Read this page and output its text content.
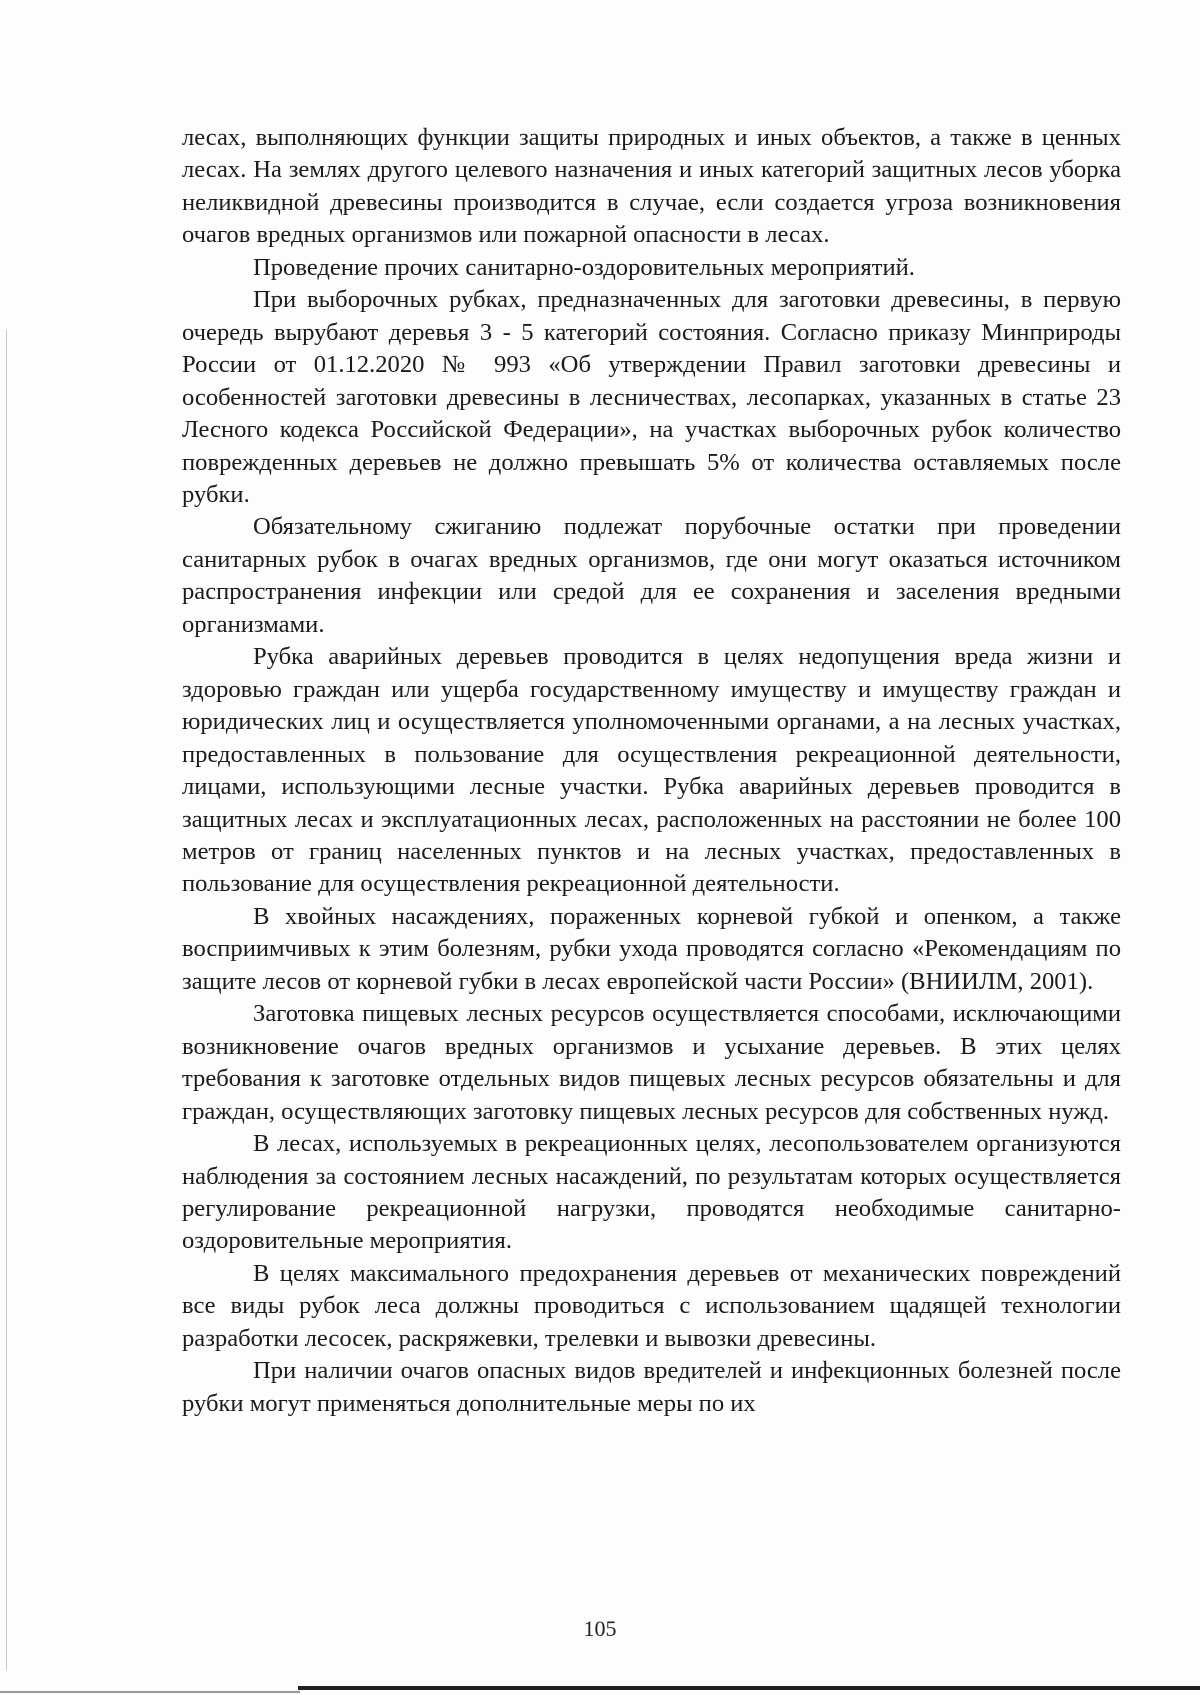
лесах, выполняющих функции защиты природных и иных объектов, а также в ценных лесах. На землях другого целевого назначения и иных категорий защитных лесов уборка неликвидной древесины производится в случае, если создается угроза возникновения очагов вредных организмов или пожарной опасности в лесах.

Проведение прочих санитарно-оздоровительных мероприятий.

При выборочных рубках, предназначенных для заготовки древесины, в первую очередь вырубают деревья 3 - 5 категорий состояния. Согласно приказу Минприроды России от 01.12.2020 № 993 «Об утверждении Правил заготовки древесины и особенностей заготовки древесины в лесничествах, лесопарках, указанных в статье 23 Лесного кодекса Российской Федерации», на участках выборочных рубок количество поврежденных деревьев не должно превышать 5% от количества оставляемых после рубки.

Обязательному сжиганию подлежат порубочные остатки при проведении санитарных рубок в очагах вредных организмов, где они могут оказаться источником распространения инфекции или средой для ее сохранения и заселения вредными организмами.

Рубка аварийных деревьев проводится в целях недопущения вреда жизни и здоровью граждан или ущерба государственному имуществу и имуществу граждан и юридических лиц и осуществляется уполномоченными органами, а на лесных участках, предоставленных в пользование для осуществления рекреационной деятельности, лицами, использующими лесные участки. Рубка аварийных деревьев проводится в защитных лесах и эксплуатационных лесах, расположенных на расстоянии не более 100 метров от границ населенных пунктов и на лесных участках, предоставленных в пользование для осуществления рекреационной деятельности.

В хвойных насаждениях, пораженных корневой губкой и опенком, а также восприимчивых к этим болезням, рубки ухода проводятся согласно «Рекомендациям по защите лесов от корневой губки в лесах европейской части России» (ВНИИЛМ, 2001).

Заготовка пищевых лесных ресурсов осуществляется способами, исключающими возникновение очагов вредных организмов и усыхание деревьев. В этих целях требования к заготовке отдельных видов пищевых лесных ресурсов обязательны и для граждан, осуществляющих заготовку пищевых лесных ресурсов для собственных нужд.

В лесах, используемых в рекреационных целях, лесопользователем организуются наблюдения за состоянием лесных насаждений, по результатам которых осуществляется регулирование рекреационной нагрузки, проводятся необходимые санитарно-оздоровительные мероприятия.

В целях максимального предохранения деревьев от механических повреждений все виды рубок леса должны проводиться с использованием щадящей технологии разработки лесосек, раскряжевки, трелевки и вывозки древесины.

При наличии очагов опасных видов вредителей и инфекционных болезней после рубки могут применяться дополнительные меры по их

105
